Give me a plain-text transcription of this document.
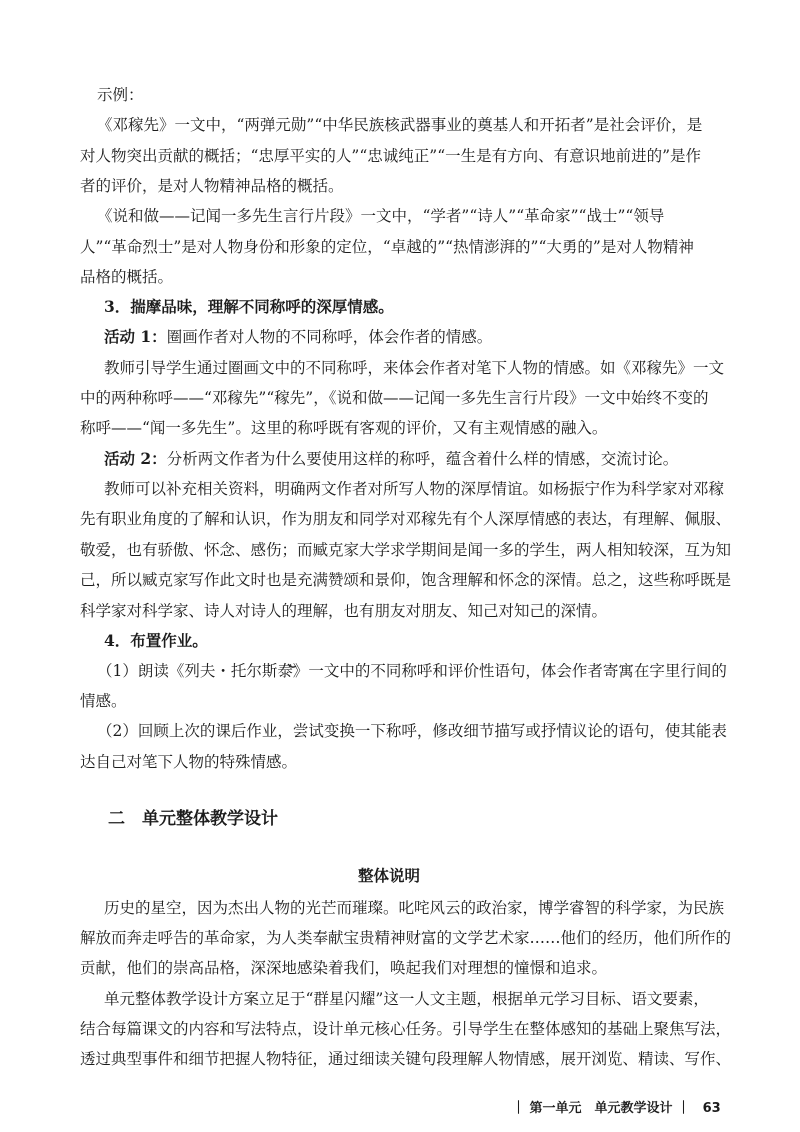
示例：
《邓稼先》一文中，“两弹元勋”“中华民族核武器事业的奠基人和开拓者”是社会评价，是
对人物突出贡献的概括；“忠厚平实的人”“忠诚纯正”“一生是有方向、有意识地前进的”是作
者的评价，是对人物精神品格的概括。
《说和做——记闻一多先生言行片段》一文中，“学者”“诗人”“革命家”“战士”“领导
人”“革命烈士”是对人物身份和形象的定位，“卓越的”“热情澎湃的”“大勇的”是对人物精神
品格的概括。
3．揣摩品味，理解不同称呼的深厚情感。
活动 1：圈画作者对人物的不同称呼，体会作者的情感。
教师引导学生通过圈画文中的不同称呼，来体会作者对笔下人物的情感。如《邓稼先》一文
中的两种称呼——“邓稼先”“稼先”，《说和做——记闻一多先生言行片段》一文中始终不变的
称呼——“闻一多先生”。这里的称呼既有客观的评价，又有主观情感的融入。
活动 2：分析两文作者为什么要使用这样的称呼，蕴含着什么样的情感，交流讨论。
教师可以补充相关资料，明确两文作者对所写人物的深厚情谊。如杨振宁作为科学家对邓稼
先有职业角度的了解和认识，作为朋友和同学对邓稼先有个人深厚情感的表达，有理解、佩服、
敬爱，也有骄傲、怀念、感伤；而臧克家大学求学期间是闻一多的学生，两人相知较深，互为知
己，所以臧克家写作此文时也是充满赞颂和景仰，饱含理解和怀念的深情。总之，这些称呼既是
科学家对科学家、诗人对诗人的理解，也有朋友对朋友、知己对知己的深情。
4．布置作业。
（1）朗读《列夫・托尔斯泰》一文中的不同称呼和评价性语句，体会作者寄寓在字里行间的
情感。
（2）回顾上次的课后作业，尝试变换一下称呼，修改细节描写或抒情议论的语句，使其能表
达自己对笔下人物的特殊情感。
二　单元整体教学设计
整体说明
历史的星空，因为杰出人物的光芒而璀璨。叱咤风云的政治家，博学睿智的科学家，为民族
解放而奔走呼告的革命家，为人类奉献宝贵精神财富的文学艺术家……他们的经历，他们所作的
贡献，他们的崇高品格，深深地感染着我们，唤起我们对理想的憧憬和追求。
单元整体教学设计方案立足于“群星闪耀”这一人文主题，根据单元学习目标、语文要素，
结合每篇课文的内容和写法特点，设计单元核心任务。引导学生在整体感知的基础上聚焦写法，
透过典型事件和细节把握人物特征，通过细读关键句段理解人物情感，展开浏览、精读、写作、
｜ 第一单元　单元教学设计 ｜ 63
